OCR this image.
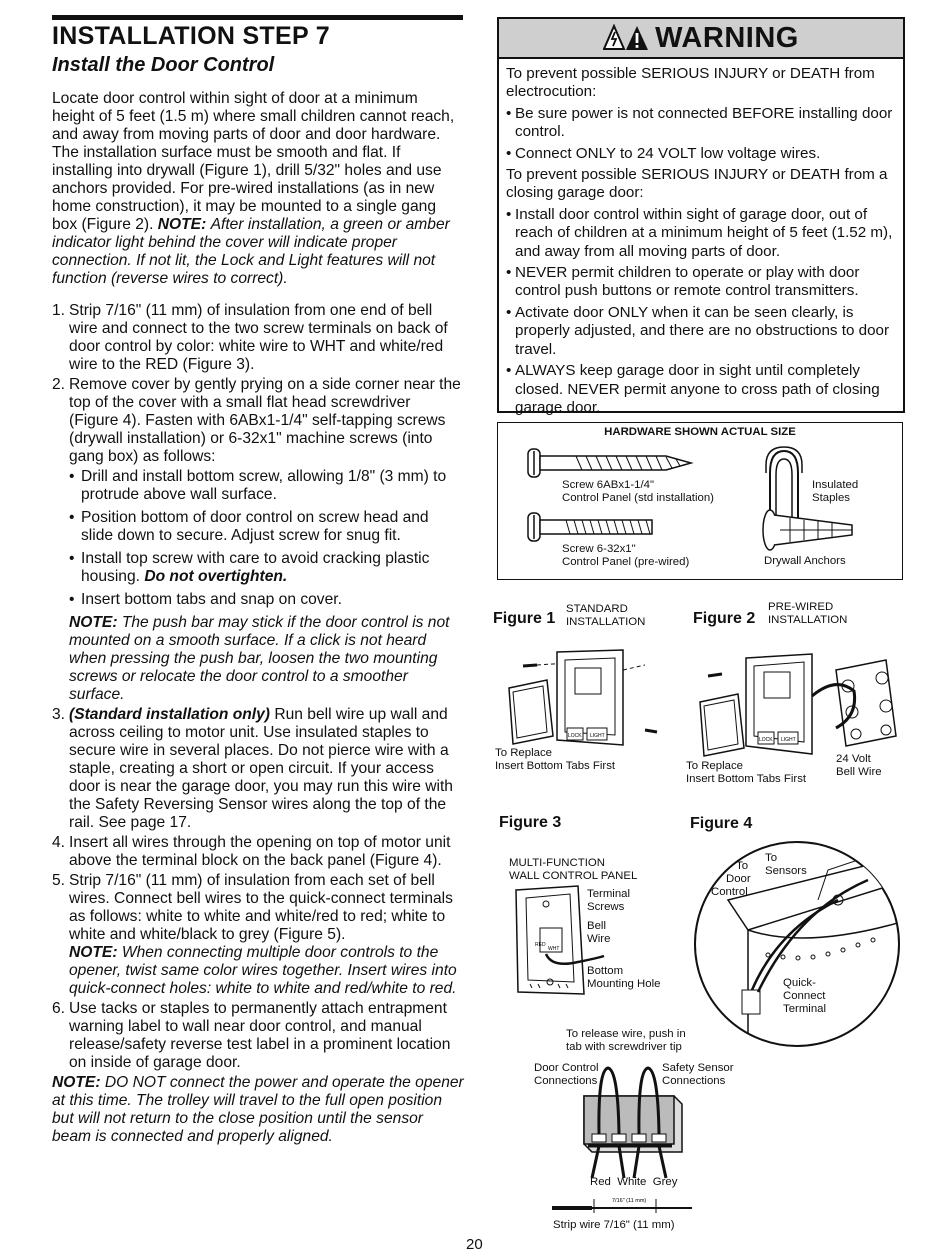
INSTALLATION STEP 7
Install the Door Control

Locate door control within sight of door at a minimum height of 5 feet (1.5 m) where small children cannot reach, and away from moving parts of door and door hardware. The installation surface must be smooth and flat. If installing into drywall (Figure 1), drill 5/32" holes and use anchors provided. For pre-wired installations (as in new home construction), it may be mounted to a single gang box (Figure 2). NOTE: After installation, a green or amber indicator light behind the cover will indicate proper connection. If not lit, the Lock and Light features will not function (reverse wires to correct).

1. Strip 7/16" (11 mm) of insulation from one end of bell wire and connect to the two screw terminals on back of door control by color: white wire to WHT and white/red wire to the RED (Figure 3).
2. Remove cover by gently prying on a side corner near the top of the cover with a small flat head screwdriver (Figure 4). Fasten with 6ABx1-1/4" self-tapping screws (drywall installation) or 6-32x1" machine screws (into gang box) as follows:
• Drill and install bottom screw, allowing 1/8" (3 mm) to protrude above wall surface.
• Position bottom of door control on screw head and slide down to secure. Adjust screw for snug fit.
• Install top screw with care to avoid cracking plastic housing. Do not overtighten.
• Insert bottom tabs and snap on cover.

NOTE: The push bar may stick if the door control is not mounted on a smooth surface. If a click is not heard when pressing the push bar, loosen the two mounting screws or relocate the door control to a smoother surface.

3. (Standard installation only) Run bell wire up wall and across ceiling to motor unit. Use insulated staples to secure wire in several places. Do not pierce wire with a staple, creating a short or open circuit. If your access door is near the garage door, you may run this wire with the Safety Reversing Sensor wires along the top of the rail. See page 17.
4. Insert all wires through the opening on top of motor unit above the terminal block on the back panel (Figure 4).
5. Strip 7/16" (11 mm) of insulation from each set of bell wires. Connect bell wires to the quick-connect terminals as follows: white to white and white/red to red; white to white and white/black to grey (Figure 5).

NOTE: When connecting multiple door controls to the opener, twist same color wires together. Insert wires into quick-connect holes: white to white and red/white to red.

6. Use tacks or staples to permanently attach entrapment warning label to wall near door control, and manual release/safety reverse test label in a prominent location on inside of garage door.

NOTE: DO NOT connect the power and operate the opener at this time. The trolley will travel to the full open position but will not return to the close position until the sensor beam is connected and properly aligned.

WARNING

To prevent possible SERIOUS INJURY or DEATH from electrocution:

• Be sure power is not connected BEFORE installing door control.
• Connect ONLY to 24 VOLT low voltage wires.

To prevent possible SERIOUS INJURY or DEATH from a closing garage door:

• Install door control within sight of garage door, out of reach of children at a minimum height of 5 feet (1.52 m), and away from all moving parts of door.
• NEVER permit children to operate or play with door control push buttons or remote control transmitters.
• Activate door ONLY when it can be seen clearly, is properly adjusted, and there are no obstructions to door travel.
• ALWAYS keep garage door in sight until completely closed. NEVER permit anyone to cross path of closing garage door.
HARDWARE SHOWN ACTUAL SIZE
Screw 6ABx1-1/4"
Control Panel (std installation)
Insulated
Staples
Screw 6-32x1"
Control Panel (pre-wired)	Drywall Anchors
Figure 1
STANDARD
INSTALLATION
LOCK LIGHT
To Replace
Insert Bottom Tabs First
Figure 2
PRE-WIRED
INSTALLATION
LOCK LIGHT
To Replace
Insert Bottom Tabs First
24 Volt
Bell Wire
Figure 3
MULTI-FUNCTION
WALL CONTROL PANEL
RED
WHT
Terminal
Screws
Bell
Wire
Bottom
Mounting Hole
Figure 4
To
Door
Control
To
Sensors
Quick-
Connect
Terminal
To release wire, push in
tab with screwdriver tip
Door Control
Connections
Safety Sensor
Connections
Red White Grey
7/16" (11 mm)
Strip wire 7/16" (11 mm)
20
